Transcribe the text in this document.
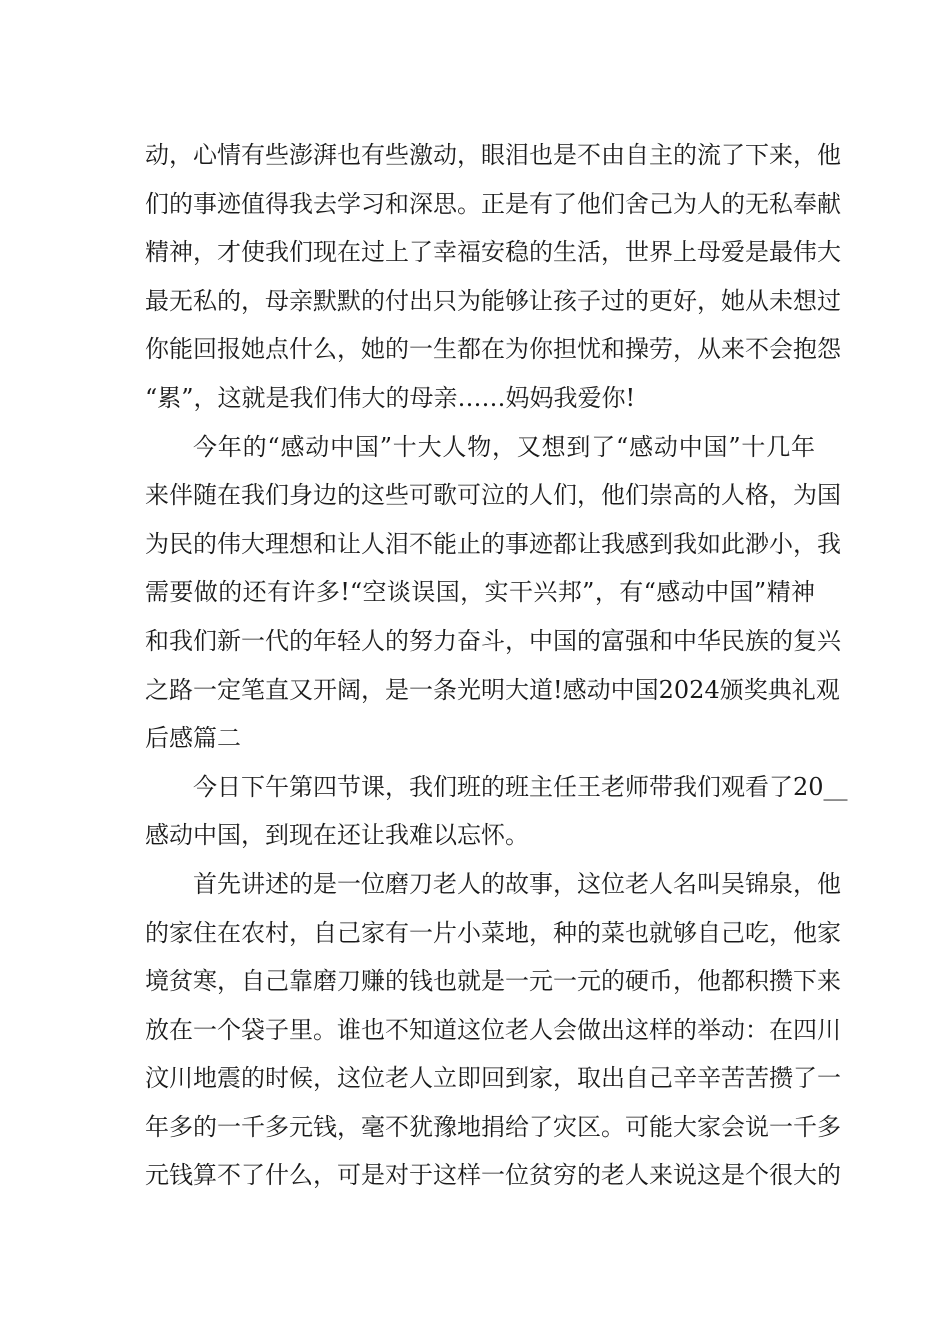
动，心情有些澎湃也有些激动，眼泪也是不由自主的流了下来，他
们的事迹值得我去学习和深思。正是有了他们舍己为人的无私奉献
精神，才使我们现在过上了幸福安稳的生活，世界上母爱是最伟大
最无私的，母亲默默的付出只为能够让孩子过的更好，她从未想过
你能回报她点什么，她的一生都在为你担忧和操劳，从来不会抱怨
“累”，这就是我们伟大的母亲……妈妈我爱你!
今年的“感动中国”十大人物，又想到了“感动中国”十几年
来伴随在我们身边的这些可歌可泣的人们，他们崇高的人格，为国
为民的伟大理想和让人泪不能止的事迹都让我感到我如此渺小，我
需要做的还有许多!“空谈误国，实干兴邦”，有“感动中国”精神
和我们新一代的年轻人的努力奋斗，中国的富强和中华民族的复兴
之路一定笔直又开阔，是一条光明大道!感动中国2024颁奖典礼观
后感篇二
今日下午第四节课，我们班的班主任王老师带我们观看了20__
感动中国，到现在还让我难以忘怀。
首先讲述的是一位磨刀老人的故事，这位老人名叫吴锦泉，他
的家住在农村，自己家有一片小菜地，种的菜也就够自己吃，他家
境贫寒，自己靠磨刀赚的钱也就是一元一元的硬币，他都积攒下来
放在一个袋子里。谁也不知道这位老人会做出这样的举动：在四川
汶川地震的时候，这位老人立即回到家，取出自己辛辛苦苦攒了一
年多的一千多元钱，毫不犹豫地捐给了灾区。可能大家会说一千多
元钱算不了什么，可是对于这样一位贫穷的老人来说这是个很大的
